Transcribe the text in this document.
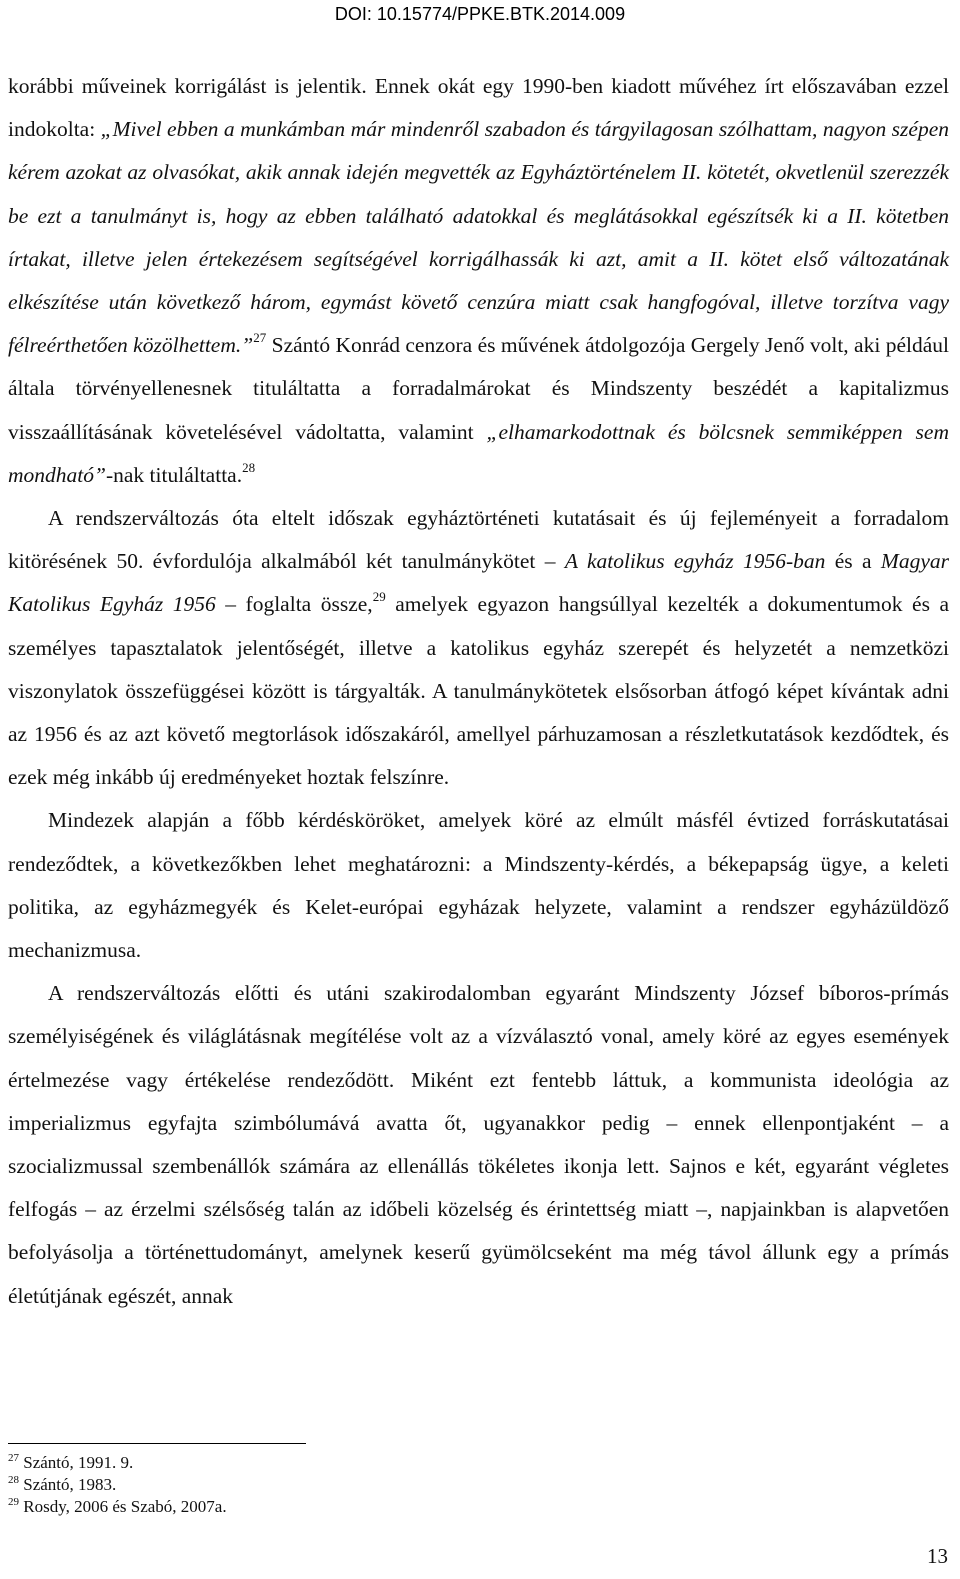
DOI: 10.15774/PPKE.BTK.2014.009

korábbi műveinek korrigálást is jelentik. Ennek okát egy 1990-ben kiadott művéhez írt előszavában ezzel indokolta: „Mivel ebben a munkámban már mindenről szabadon és tárgyilagosan szólhattam, nagyon szépen kérem azokat az olvasókat, akik annak idején megvették az Egyháztörténelem II. kötetét, okvetlenül szerezzék be ezt a tanulmányt is, hogy az ebben található adatokkal és meglátásokkal egészítsék ki a II. kötetben írtakat, illetve jelen értekezésem segítségével korrigálhassák ki azt, amit a II. kötet első változatának elkészítése után következő három, egymást követő cenzúra miatt csak hangfogóval, illetve torzítva vagy félreérthetően közölhettem.”$^{27}$ Szántó Konrád cenzora és művének átdolgozója Gergely Jenő volt, aki például általa törvényellenesnek tituláltatta a forradalmárokat és Mindszenty beszédét a kapitalizmus visszaállításának követelésével vádoltatta, valamint „elhamarkodottnak és bölcsnek semmiképpen sem mondható”-nak tituláltatta.$^{28}$

A rendszerváltozás óta eltelt időszak egyháztörténeti kutatásait és új fejleményeit a forradalom kitörésének 50. évfordulója alkalmából két tanulmánykötet – A katolikus egyház 1956-ban és a Magyar Katolikus Egyház 1956 – foglalta össze,$^{29}$ amelyek egyazon hangsúllyal kezelték a dokumentumok és a személyes tapasztalatok jelentőségét, illetve a katolikus egyház szerepét és helyzetét a nemzetközi viszonylatok összefüggései között is tárgyalták. A tanulmánykötetek elsősorban átfogó képet kívántak adni az 1956 és az azt követő megtorlások időszakáról, amellyel párhuzamosan a részletkutatások kezdődtek, és ezek még inkább új eredményeket hoztak felszínre.

Mindezek alapján a főbb kérdésköröket, amelyek köré az elmúlt másfél évtized forráskutatásai rendeződtek, a következőkben lehet meghatározni: a Mindszenty-kérdés, a békepapság ügye, a keleti politika, az egyházmegyék és Kelet-európai egyházak helyzete, valamint a rendszer egyházüldöző mechanizmusa.

A rendszerváltozás előtti és utáni szakirodalomban egyaránt Mindszenty József bíboros-prímás személyiségének és világlátásnak megítélése volt az a vízválasztó vonal, amely köré az egyes események értelmezése vagy értékelése rendeződött. Miként ezt fentebb láttuk, a kommunista ideológia az imperializmus egyfajta szimbólumává avatta őt, ugyanakkor pedig – ennek ellenpontjaként – a szocializmussal szembenállók számára az ellenállás tökéletes ikonja lett. Sajnos e két, egyaránt végletes felfogás – az érzelmi szélsőség talán az időbeli közelség és érintettség miatt –, napjainkban is alapvetően befolyásolja a történettudományt, amelynek keserű gyümölcseként ma még távol állunk egy a prímás életútjának egészét, annak

$^{27}$ Szántó, 1991. 9.
$^{28}$ Szántó, 1983.
$^{29}$ Rosdy, 2006 és Szabó, 2007a.
13
